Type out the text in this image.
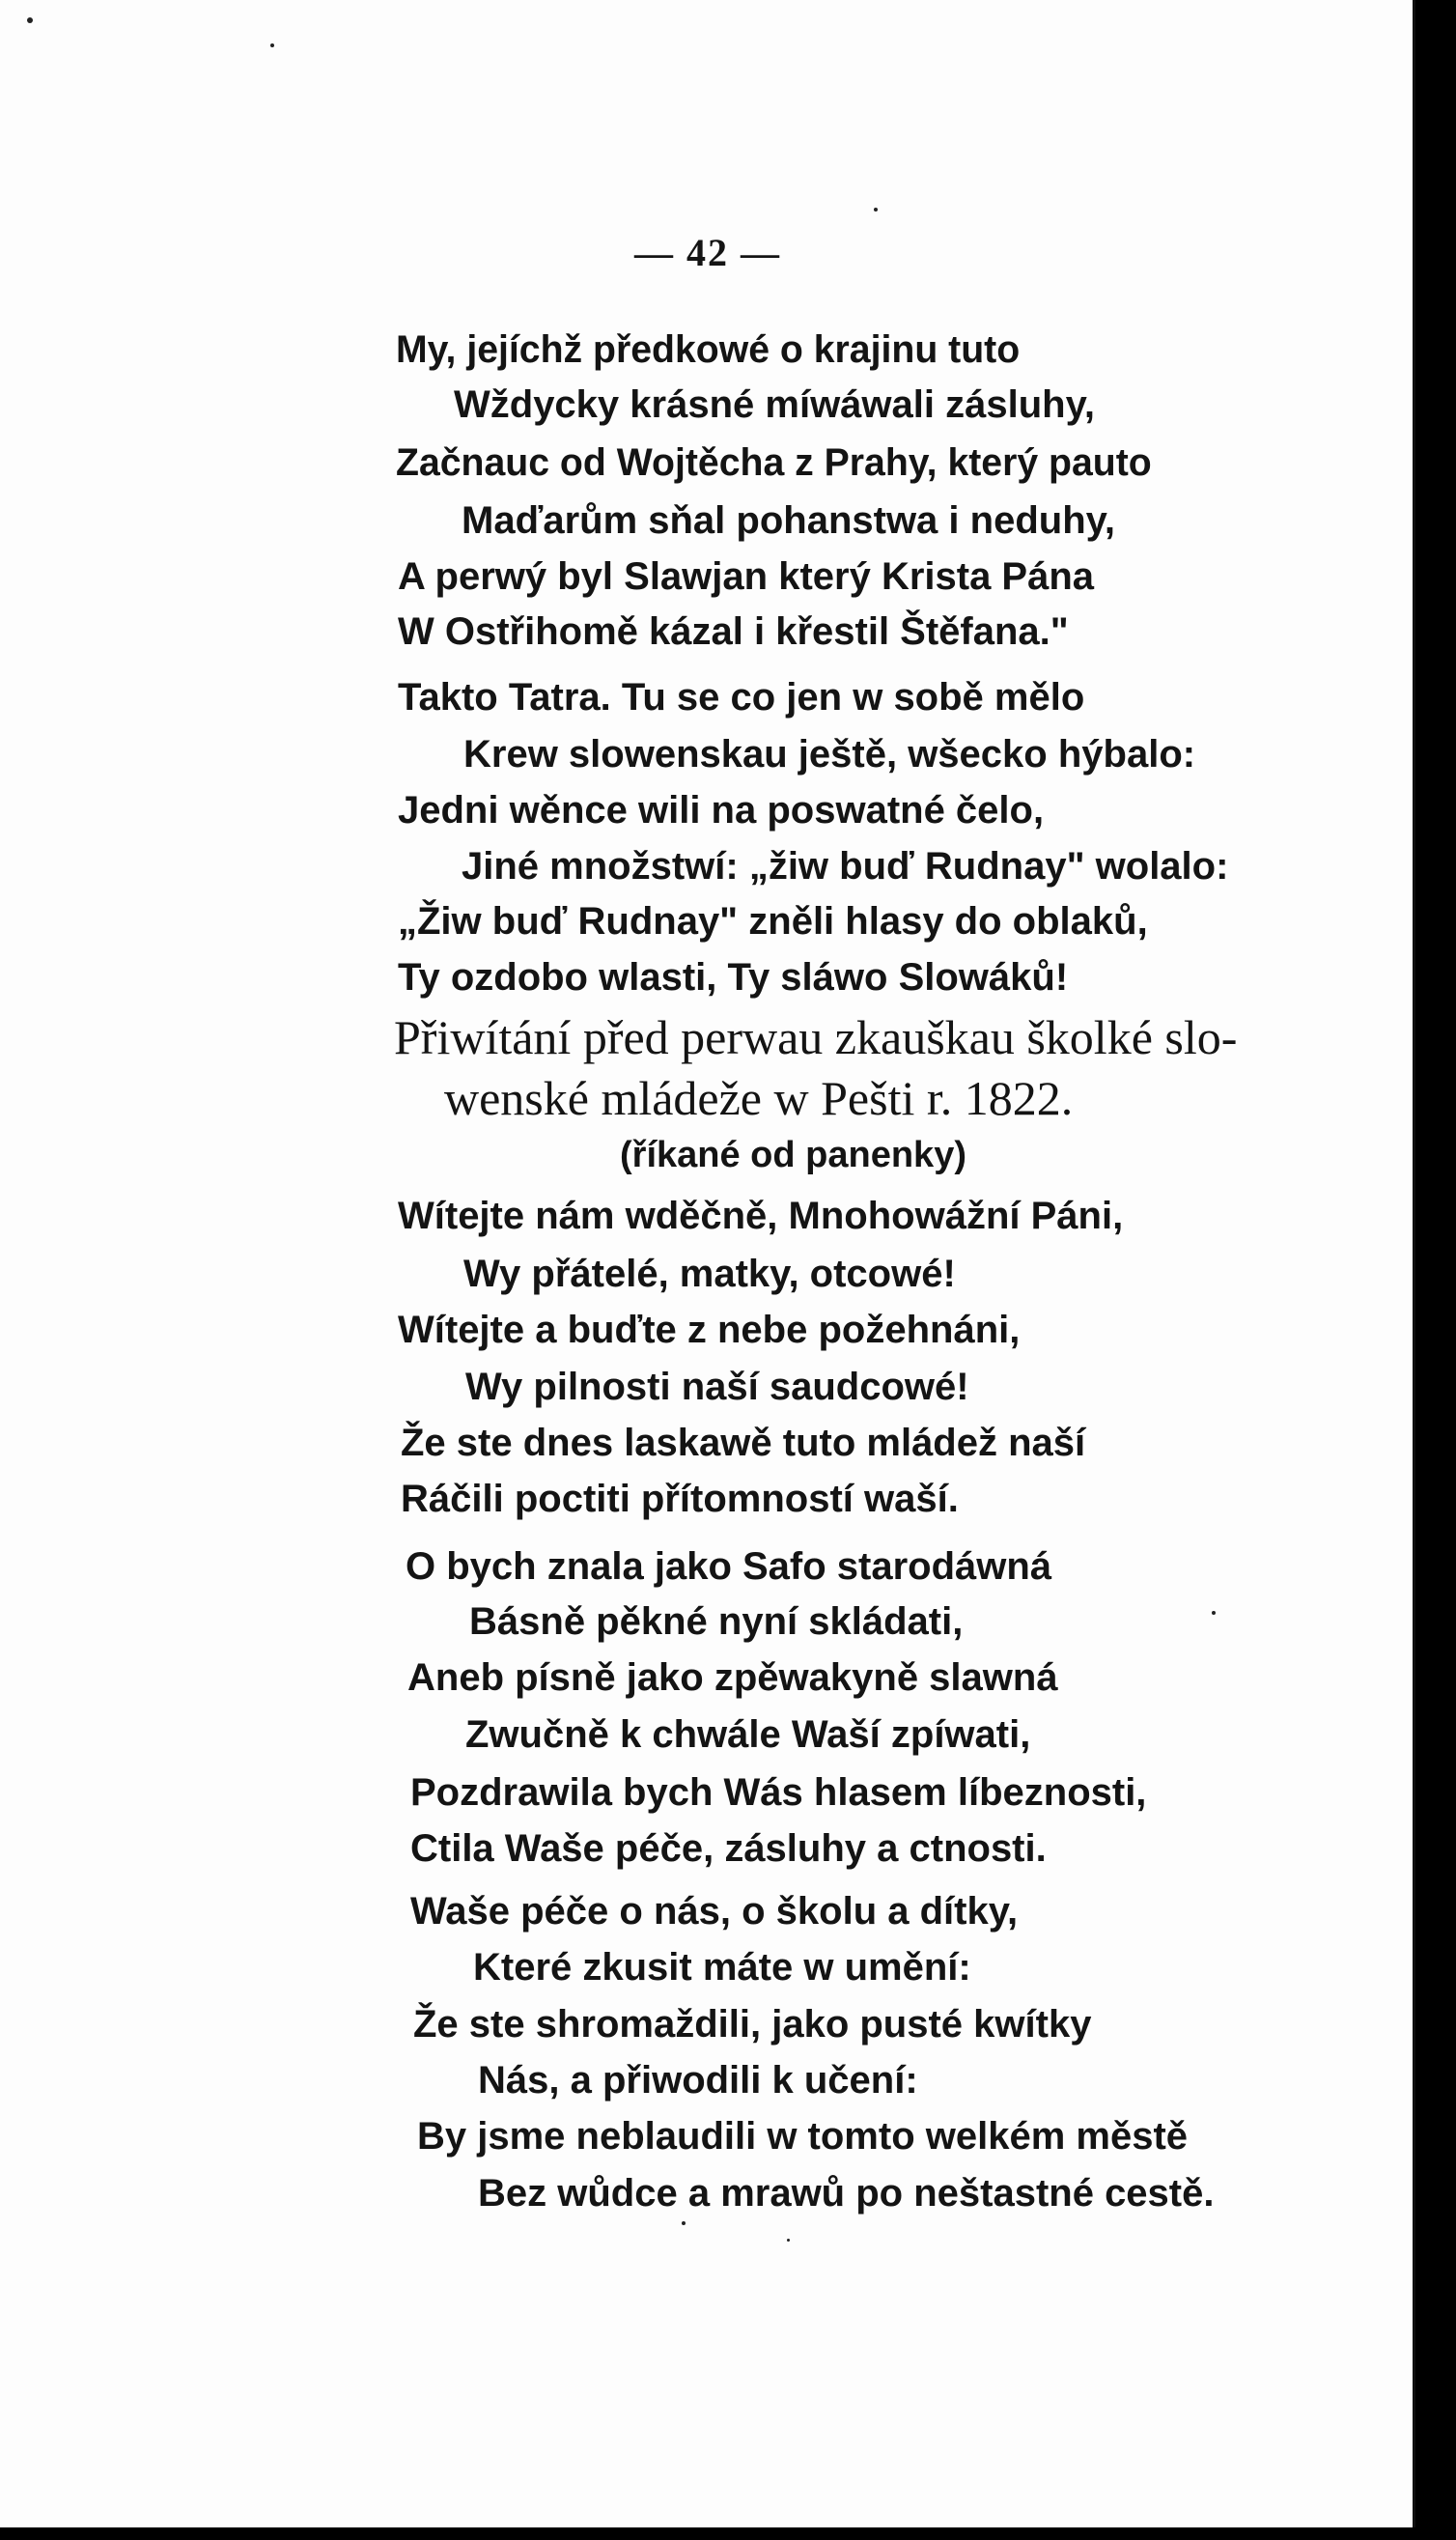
— 42 —
My, jejíchž předkowé o krajinu tuto
Wždycky krásné míwáwali zásluhy,
Začnauc od Wojtěcha z Prahy, který pauto
Maďarům sňal pohanstwa i neduhy,
A perwý byl Slawjan který Krista Pána
W Ostřihomě kázal i křestil Štěfana."
Takto Tatra. Tu se co jen w sobě mělo
Krew slowenskau ještě, wšecko hýbalo:
Jedni wěnce wili na poswatné čelo,
Jiné množstwí: „žiw buď Rudnay" wolalo:
„Žiw buď Rudnay" zněli hlasy do oblaků,
Ty ozdobo wlasti, Ty sláwo Slowáků!
Přiwítání před perwau zkauškau školké slo-
wenské mládeže w Pešti r. 1822.
(říkané od panenky)
Wítejte nám wděčně, Mnohowážní Páni,
Wy přátelé, matky, otcowé!
Wítejte a buďte z nebe požehnáni,
Wy pilnosti naší saudcowé!
Že ste dnes laskawě tuto mládež naší
Ráčili poctiti přítomností waší.
O bych znala jako Safo starodáwná
Básně pěkné nyní skládati,
Aneb písně jako zpěwakyně slawná
Zwučně k chwále Waší zpíwati,
Pozdrawila bych Wás hlasem líbeznosti,
Ctila Waše péče, zásluhy a ctnosti.
Waše péče o nás, o školu a dítky,
Které zkusit máte w umění:
Že ste shromaždili, jako pusté kwítky
Nás, a přiwodili k učení:
By jsme neblaudili w tomto welkém městě
Bez wůdce a mrawů po neštastné cestě.
